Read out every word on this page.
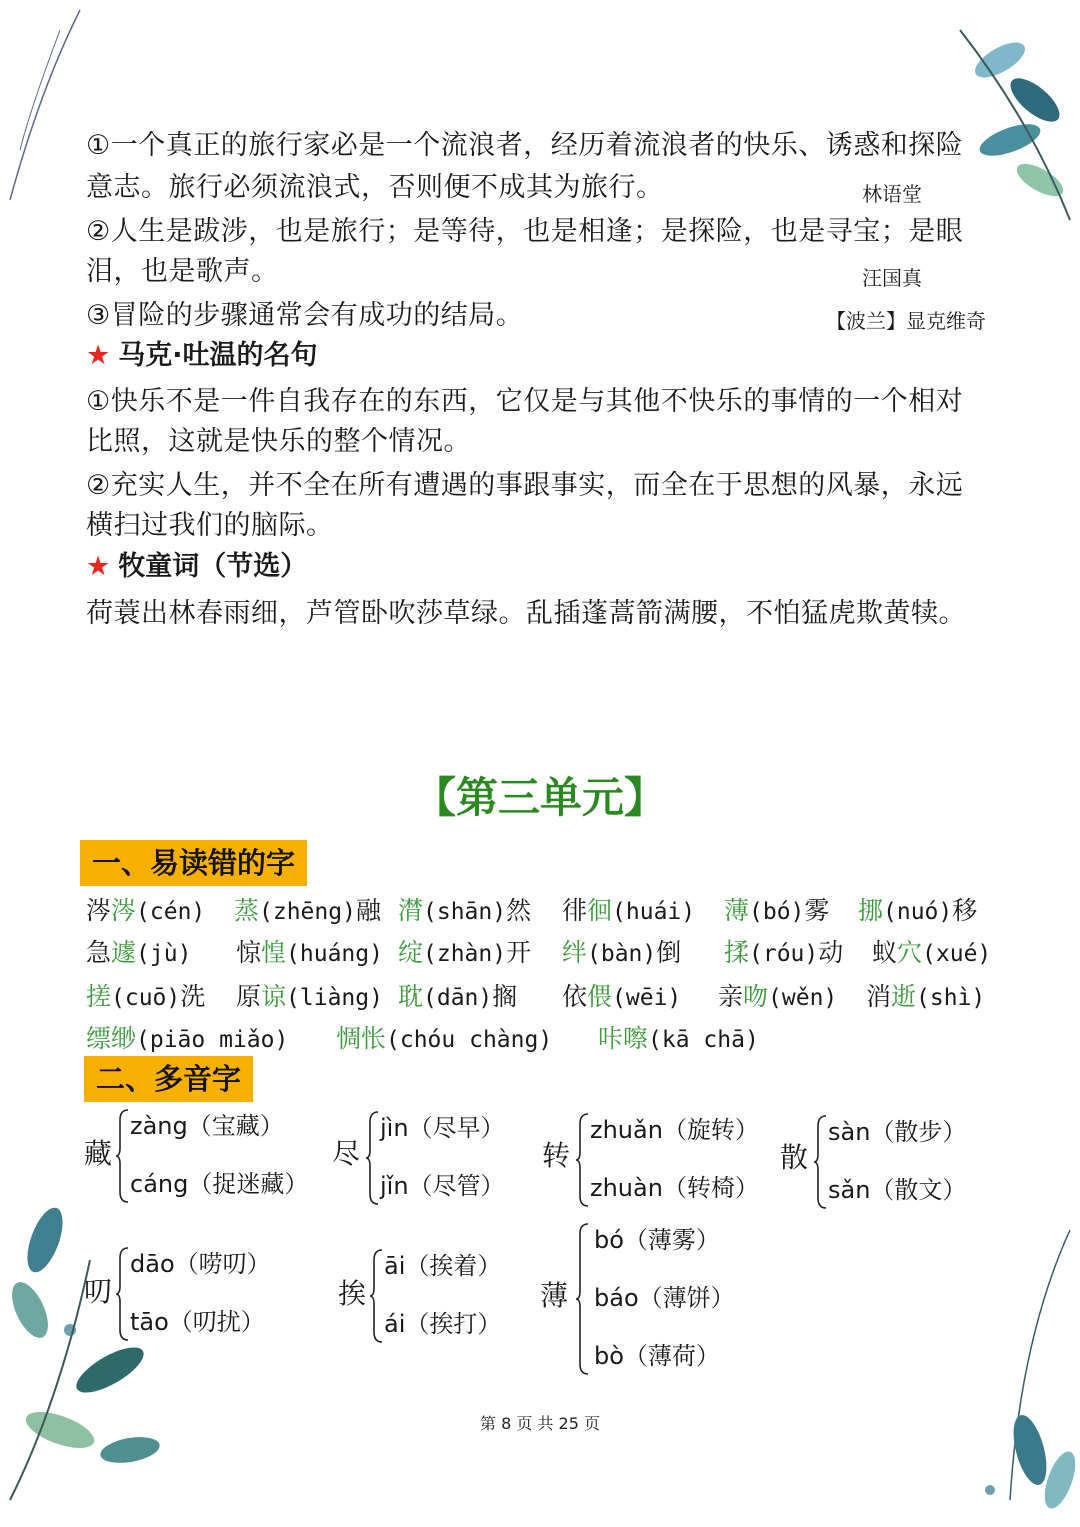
①一个真正的旅行家必是一个流浪者，经历着流浪者的快乐、诱惑和探险
意志。旅行必须流浪式，否则便不成其为旅行。	林语堂
②人生是跋涉，也是旅行；是等待，也是相逢；是探险，也是寻宝；是眼
泪，也是歌声。	汪国真
③冒险的步骤通常会有成功的结局。	【波兰】显克维奇
★ 马克·吐温的名句
①快乐不是一件自我存在的东西，它仅是与其他不快乐的事情的一个相对
比照，这就是快乐的整个情况。
②充实人生，并不全在所有遭遇的事跟事实，而全在于思想的风暴，永远
横扫过我们的脑际。
★ 牧童词（节选）
荷蓑出林春雨细，芦管卧吹莎草绿。乱插蓬蒿箭满腰，不怕猛虎欺黄犊。
【第三单元】
一、易读错的字
涔涔(cén) 蒸(zhēng)融 潸(shān)然 徘徊(huái) 薄(bó)雾 挪(nuó)移
急遽(jù) 惊惶(huáng) 绽(zhàn)开 绊(bàn)倒 揉(róu)动 蚁穴(xué)
搓(cuō)洗 原谅(liàng) 耽(dān)搁 依偎(wēi) 亲吻(wěn) 消逝(shì)
缥缈(piāo miǎo) 惆怅(chóu chàng) 咔嚓(kā chā)
二、多音字
藏
zàng（宝藏）
cáng（捉迷藏）
尽
jìn（尽早）
jǐn（尽管）
转
zhuǎn（旋转）
zhuàn（转椅）
散
sàn（散步）
sǎn（散文）
叨
dāo（唠叨）
tāo（叨扰）
挨
āi（挨着）
ái（挨打）
薄
bó（薄雾）
báo（薄饼）
bò（薄荷）
第 8 页 共 25 页
